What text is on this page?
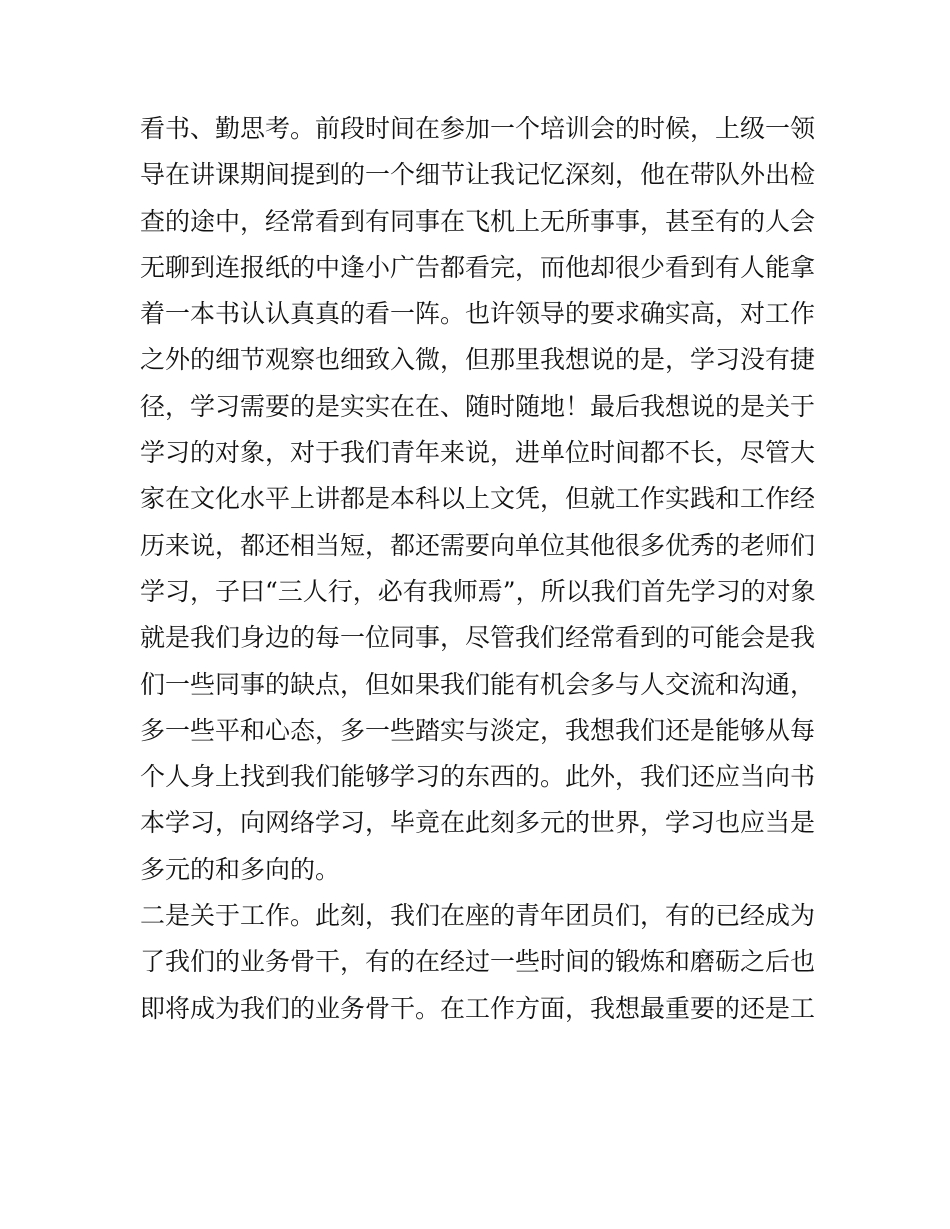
看书、勤思考。前段时间在参加一个培训会的时候，上级一领
导在讲课期间提到的一个细节让我记忆深刻，他在带队外出检
查的途中，经常看到有同事在飞机上无所事事，甚至有的人会
无聊到连报纸的中逢小广告都看完，而他却很少看到有人能拿
着一本书认认真真的看一阵。也许领导的要求确实高，对工作
之外的细节观察也细致入微，但那里我想说的是，学习没有捷
径，学习需要的是实实在在、随时随地！最后我想说的是关于
学习的对象，对于我们青年来说，进单位时间都不长，尽管大
家在文化水平上讲都是本科以上文凭，但就工作实践和工作经
历来说，都还相当短，都还需要向单位其他很多优秀的老师们
学习，子曰“三人行，必有我师焉”，所以我们首先学习的对象
就是我们身边的每一位同事，尽管我们经常看到的可能会是我
们一些同事的缺点，但如果我们能有机会多与人交流和沟通，
多一些平和心态，多一些踏实与淡定，我想我们还是能够从每
个人身上找到我们能够学习的东西的。此外，我们还应当向书
本学习，向网络学习，毕竟在此刻多元的世界，学习也应当是
多元的和多向的。
二是关于工作。此刻，我们在座的青年团员们，有的已经成为
了我们的业务骨干，有的在经过一些时间的锻炼和磨砺之后也
即将成为我们的业务骨干。在工作方面，我想最重要的还是工
